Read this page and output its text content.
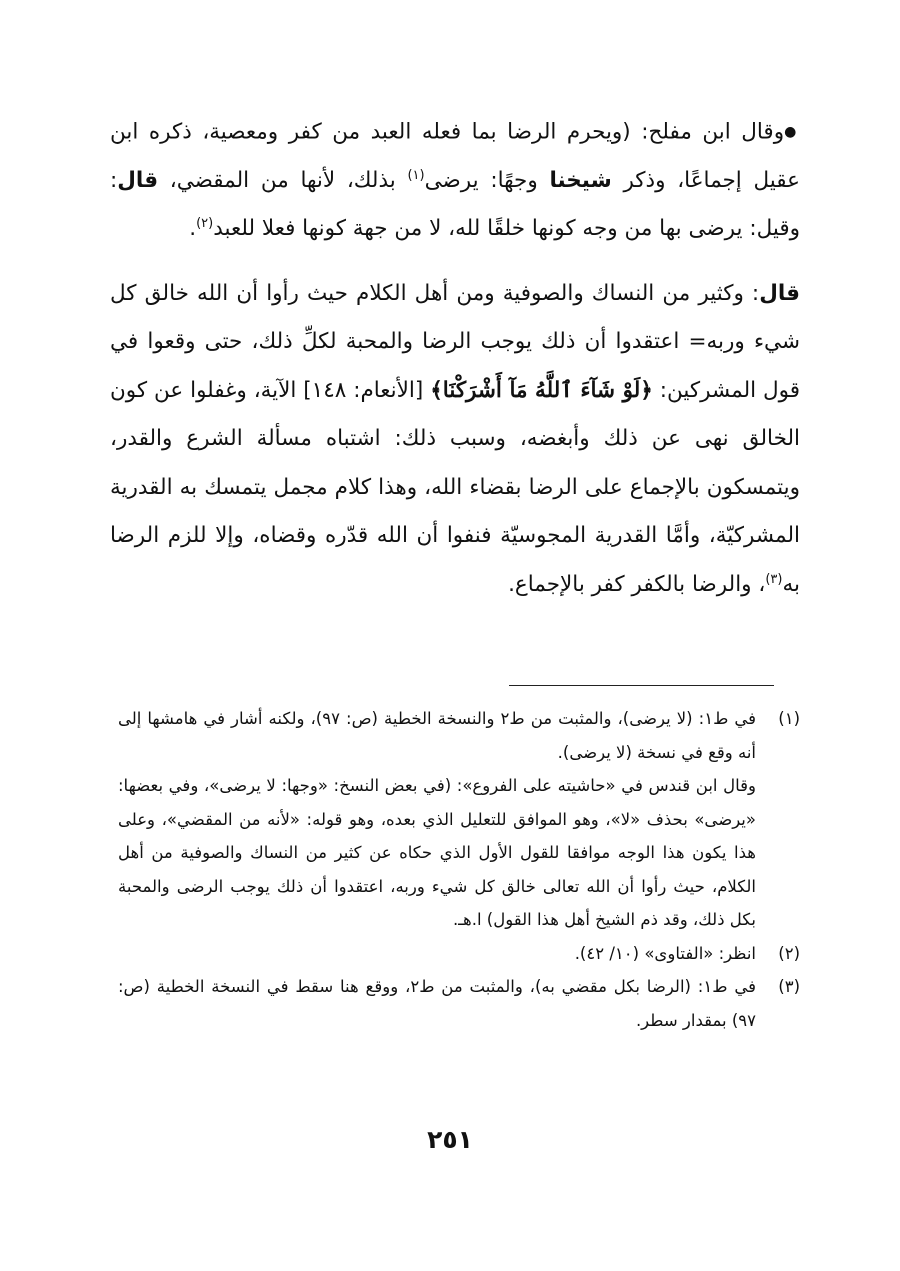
●وقال ابن مفلح: (ويحرم الرضا بما فعله العبد من كفر ومعصية، ذكره ابن عقيل إجماعًا، وذكر شيخنا وجهًا: يرضى$^{(١)}$ بذلك، لأنها من المقضي، قال: وقيل: يرضى بها من وجه كونها خلقًا لله، لا من جهة كونها فعلا للعبد$^{(٢)}$.

قال: وكثير من النساك والصوفية ومن أهل الكلام حيث رأوا أن الله خالق كل شيء وربه= اعتقدوا أن ذلك يوجب الرضا والمحبة لكلِّ ذلك، حتى وقعوا في قول المشركين: ﴿لَوْ شَآءَ ٱللَّهُ مَآ أَشْرَكْنَا﴾ [الأنعام: ١٤٨] الآية، وغفلوا عن كون الخالق نهى عن ذلك وأبغضه، وسبب ذلك: اشتباه مسألة الشرع والقدر، ويتمسكون بالإجماع على الرضا بقضاء الله، وهذا كلام مجمل يتمسك به القدرية المشركيّة، وأمَّا القدرية المجوسيّة فنفوا أن الله قدّره وقضاه، وإلا للزم الرضا به$^{(٣)}$، والرضا بالكفر كفر بالإجماع.

(١)

في ط١: (لا يرضى)، والمثبت من ط٢ والنسخة الخطية (ص: ٩٧)، ولكنه أشار في هامشها إلى أنه وقع في نسخة (لا يرضى).

وقال ابن قندس في «حاشيته على الفروع»: (في بعض النسخ: «وجها: لا يرضى»، وفي بعضها: «يرضى» بحذف «لا»، وهو الموافق للتعليل الذي بعده، وهو قوله: «لأنه من المقضي»، وعلى هذا يكون هذا الوجه موافقا للقول الأول الذي حكاه عن كثير من النساك والصوفية من أهل الكلام، حيث رأوا أن الله تعالى خالق كل شيء وربه، اعتقدوا أن ذلك يوجب الرضى والمحبة بكل ذلك، وقد ذم الشيخ أهل هذا القول) ا.هـ.

(٢)

انظر: «الفتاوى» (١٠/ ٤٢).

(٣)

في ط١: (الرضا بكل مقضي به)، والمثبت من ط٢، ووقع هنا سقط في النسخة الخطية (ص: ٩٧) بمقدار سطر.

٢٥١
